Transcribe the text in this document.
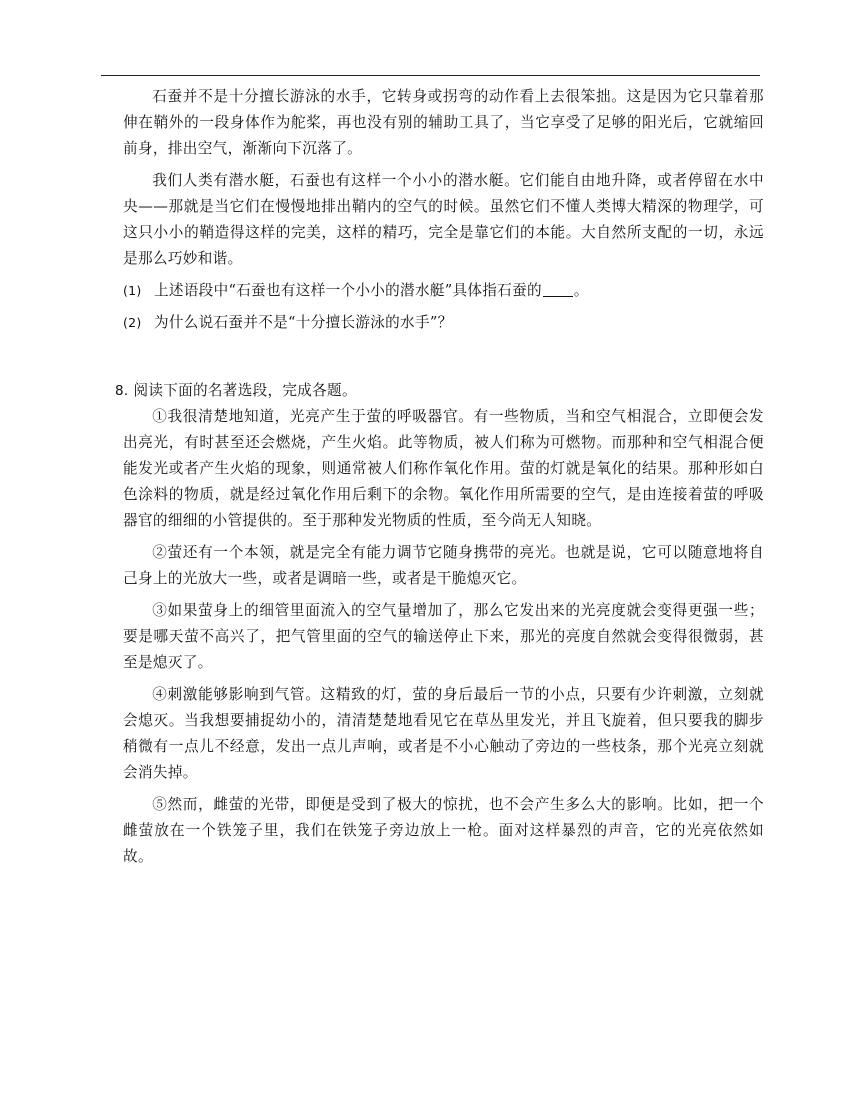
石蚕并不是十分擅长游泳的水手，它转身或拐弯的动作看上去很笨拙。这是因为它只靠着那伸在鞘外的一段身体作为舵桨，再也没有别的辅助工具了，当它享受了足够的阳光后，它就缩回前身，排出空气，渐渐向下沉落了。

我们人类有潜水艇，石蚕也有这样一个小小的潜水艇。它们能自由地升降，或者停留在水中央——那就是当它们在慢慢地排出鞘内的空气的时候。虽然它们不懂人类博大精深的物理学，可这只小小的鞘造得这样的完美，这样的精巧，完全是靠它们的本能。大自然所支配的一切，永远是那么巧妙和谐。

(1) 上述语段中“石蚕也有这样一个小小的潜水艇”具体指石蚕的 。
(2) 为什么说石蚕并不是“十分擅长游泳的水手”？
8. 阅读下面的名著选段，完成各题。

①我很清楚地知道，光亮产生于萤的呼吸器官。有一些物质，当和空气相混合，立即便会发出亮光，有时甚至还会燃烧，产生火焰。此等物质，被人们称为可燃物。而那种和空气相混合便能发光或者产生火焰的现象，则通常被人们称作氧化作用。萤的灯就是氧化的结果。那种形如白色涂料的物质，就是经过氧化作用后剩下的余物。氧化作用所需要的空气，是由连接着萤的呼吸器官的细细的小管提供的。至于那种发光物质的性质，至今尚无人知晓。

②萤还有一个本领，就是完全有能力调节它随身携带的亮光。也就是说，它可以随意地将自己身上的光放大一些，或者是调暗一些，或者是干脆熄灭它。

③如果萤身上的细管里面流入的空气量增加了，那么它发出来的光亮度就会变得更强一些；要是哪天萤不高兴了，把气管里面的空气的输送停止下来，那光的亮度自然就会变得很微弱，甚至是熄灭了。

④刺激能够影响到气管。这精致的灯，萤的身后最后一节的小点，只要有少许刺激，立刻就会熄灭。当我想要捕捉幼小的，清清楚楚地看见它在草丛里发光，并且飞旋着，但只要我的脚步稍微有一点儿不经意，发出一点儿声响，或者是不小心触动了旁边的一些枝条，那个光亮立刻就会消失掉。

⑤然而，雌萤的光带，即便是受到了极大的惊扰，也不会产生多么大的影响。比如，把一个雌萤放在一个铁笼子里，我们在铁笼子旁边放上一枪。面对这样暴烈的声音，它的光亮依然如故。
